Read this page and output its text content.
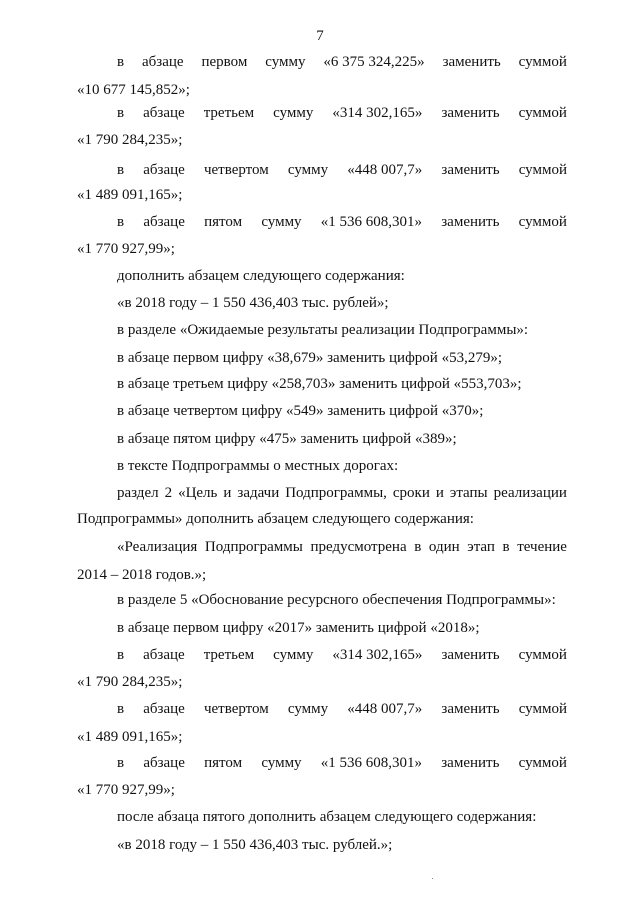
7
в абзаце первом сумму «6 375 324,225» заменить суммой
«10 677 145,852»;
в абзаце третьем сумму «314 302,165» заменить суммой
«1 790 284,235»;
в абзаце четвертом сумму «448 007,7» заменить суммой
«1 489 091,165»;
в абзаце пятом сумму «1 536 608,301» заменить суммой
«1 770 927,99»;
дополнить абзацем следующего содержания:
«в 2018 году – 1 550 436,403 тыс. рублей»;
в разделе «Ожидаемые результаты реализации Подпрограммы»:
в абзаце первом цифру «38,679» заменить цифрой «53,279»;
в абзаце третьем цифру «258,703» заменить цифрой «553,703»;
в абзаце четвертом цифру «549» заменить цифрой «370»;
в абзаце пятом цифру «475» заменить цифрой «389»;
в тексте Подпрограммы о местных дорогах:
раздел 2 «Цель и задачи Подпрограммы, сроки и этапы реализации
Подпрограммы» дополнить абзацем следующего содержания:
«Реализация Подпрограммы предусмотрена в один этап в течение
2014 – 2018 годов.»;
в разделе 5 «Обоснование ресурсного обеспечения Подпрограммы»:
в абзаце первом цифру «2017» заменить цифрой «2018»;
в абзаце третьем сумму «314 302,165» заменить суммой
«1 790 284,235»;
в абзаце четвертом сумму «448 007,7» заменить суммой
«1 489 091,165»;
в абзаце пятом сумму «1 536 608,301» заменить суммой
«1 770 927,99»;
после абзаца пятого дополнить абзацем следующего содержания:
«в 2018 году – 1 550 436,403 тыс. рублей.»;
